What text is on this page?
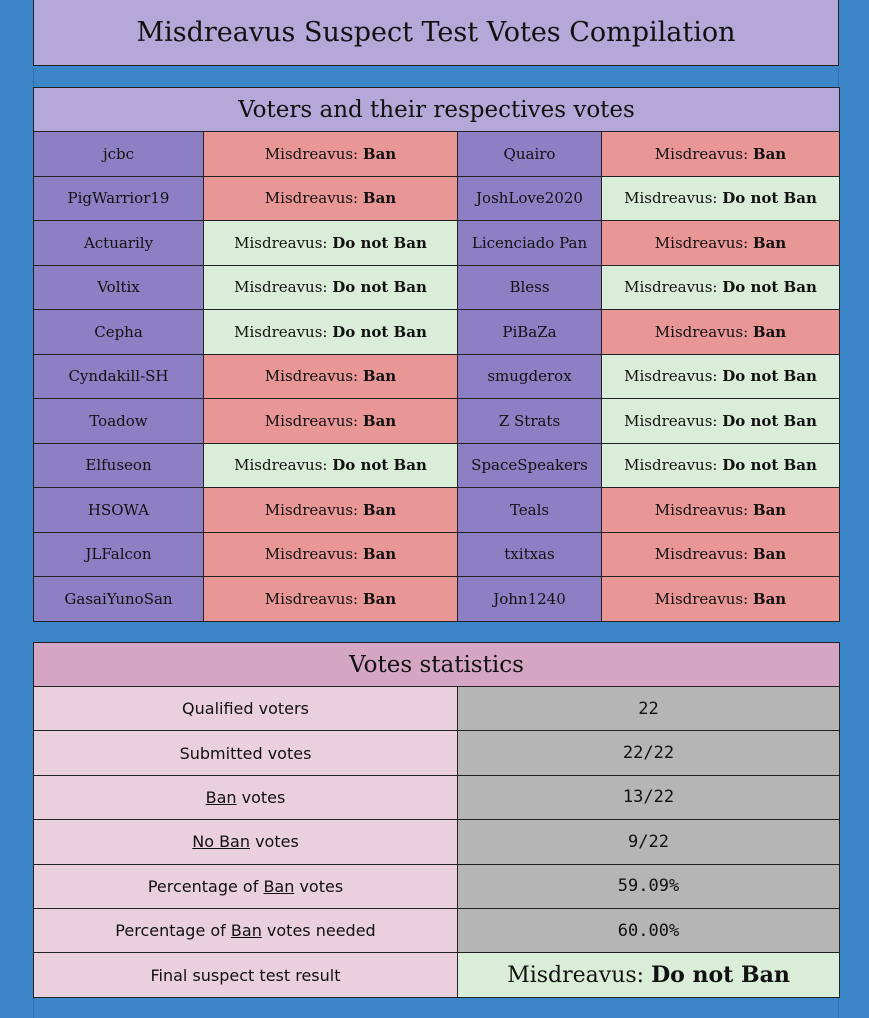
Misdreavus Suspect Test Votes Compilation
Voters and their respectives votes			
jcbc	Misdreavus: Ban	Quairo	Misdreavus: Ban
PigWarrior19	Misdreavus: Ban	JoshLove2020	Misdreavus: Do not Ban
Actuarily	Misdreavus: Do not Ban	Licenciado Pan	Misdreavus: Ban
Voltix	Misdreavus: Do not Ban	Bless	Misdreavus: Do not Ban
Cepha	Misdreavus: Do not Ban	PiBaZa	Misdreavus: Ban
Cyndakill-SH	Misdreavus: Ban	smugderox	Misdreavus: Do not Ban
Toadow	Misdreavus: Ban	Z Strats	Misdreavus: Do not Ban
Elfuseon	Misdreavus: Do not Ban	SpaceSpeakers	Misdreavus: Do not Ban
HSOWA	Misdreavus: Ban	Teals	Misdreavus: Ban
JLFalcon	Misdreavus: Ban	txitxas	Misdreavus: Ban
GasaiYunoSan	Misdreavus: Ban	John1240	Misdreavus: Ban
Votes statistics	
Qualified voters	22
Submitted votes	22/22
Ban votes	13/22
No Ban votes	9/22
Percentage of Ban votes	59.09%
Percentage of Ban votes needed	60.00%
Final suspect test result	Misdreavus: Do not Ban
